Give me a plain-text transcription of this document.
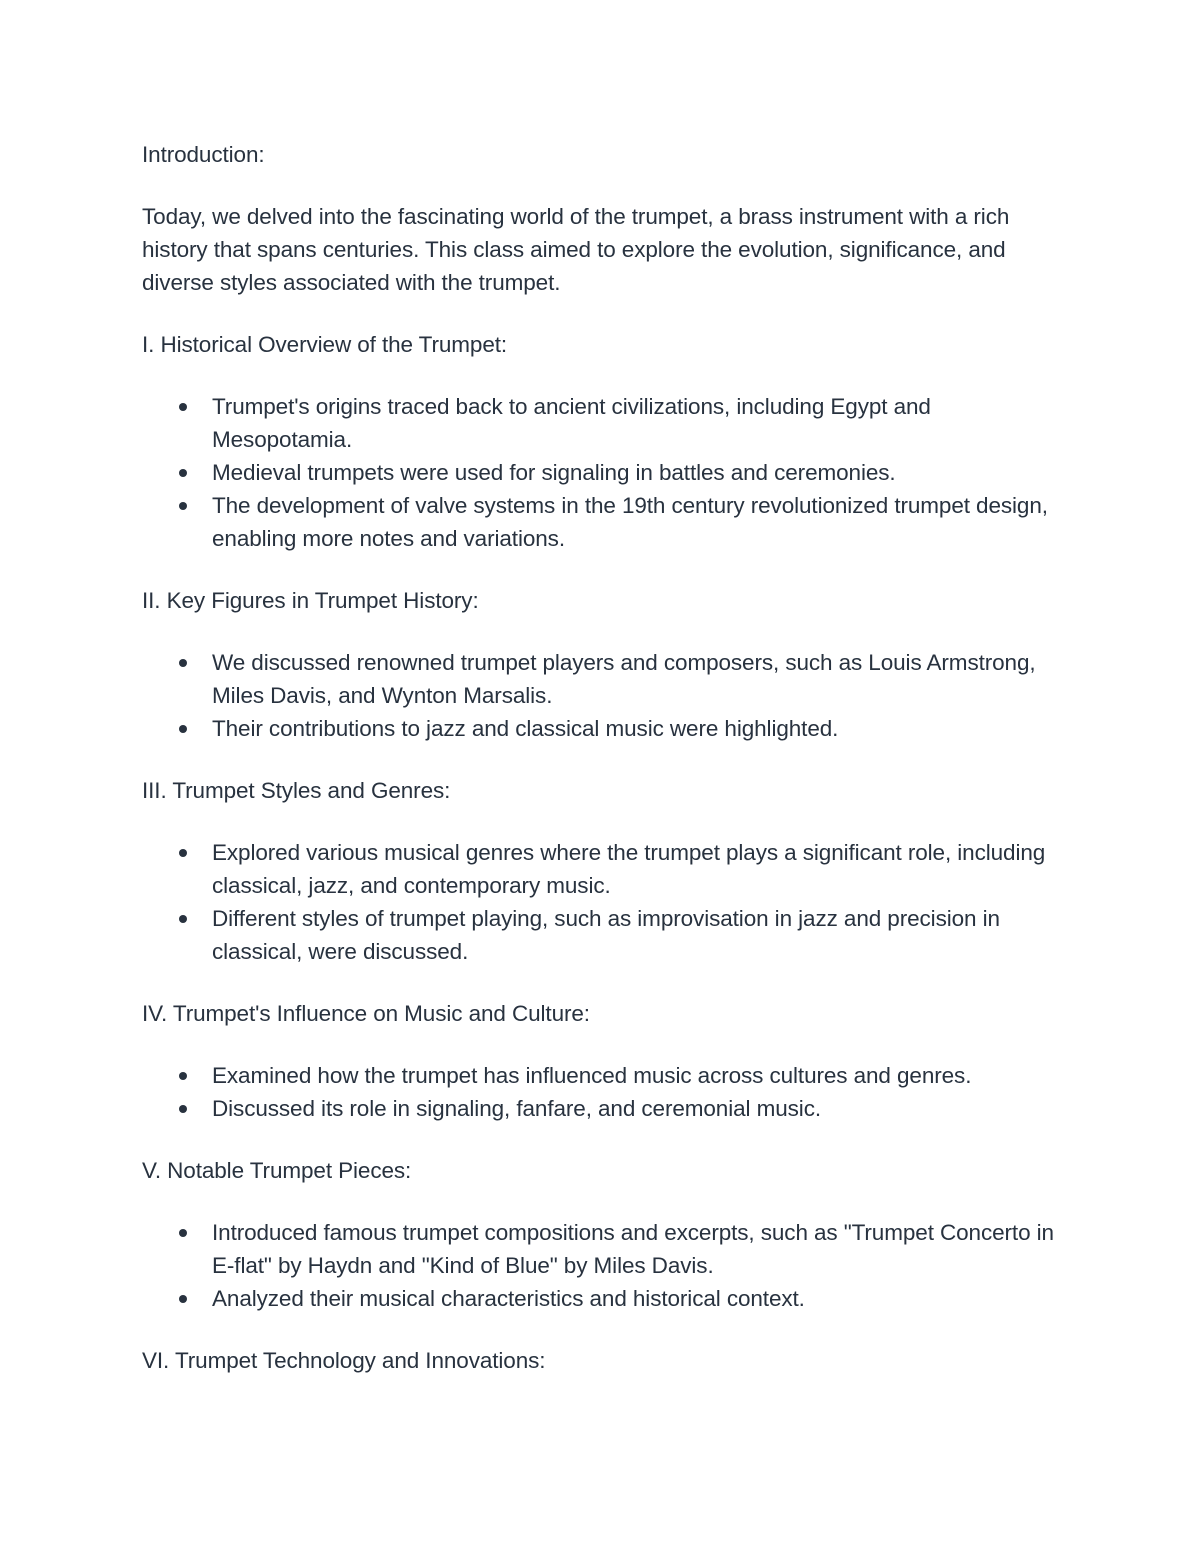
Introduction:

Today, we delved into the fascinating world of the trumpet, a brass instrument with a rich history that spans centuries. This class aimed to explore the evolution, significance, and diverse styles associated with the trumpet.

I. Historical Overview of the Trumpet:

Trumpet's origins traced back to ancient civilizations, including Egypt and Mesopotamia.
Medieval trumpets were used for signaling in battles and ceremonies.
The development of valve systems in the 19th century revolutionized trumpet design, enabling more notes and variations.

II. Key Figures in Trumpet History:

We discussed renowned trumpet players and composers, such as Louis Armstrong, Miles Davis, and Wynton Marsalis.
Their contributions to jazz and classical music were highlighted.

III. Trumpet Styles and Genres:

Explored various musical genres where the trumpet plays a significant role, including classical, jazz, and contemporary music.
Different styles of trumpet playing, such as improvisation in jazz and precision in classical, were discussed.

IV. Trumpet's Influence on Music and Culture:

Examined how the trumpet has influenced music across cultures and genres.
Discussed its role in signaling, fanfare, and ceremonial music.

V. Notable Trumpet Pieces:

Introduced famous trumpet compositions and excerpts, such as "Trumpet Concerto in E-flat" by Haydn and "Kind of Blue" by Miles Davis.
Analyzed their musical characteristics and historical context.

VI. Trumpet Technology and Innovations:
